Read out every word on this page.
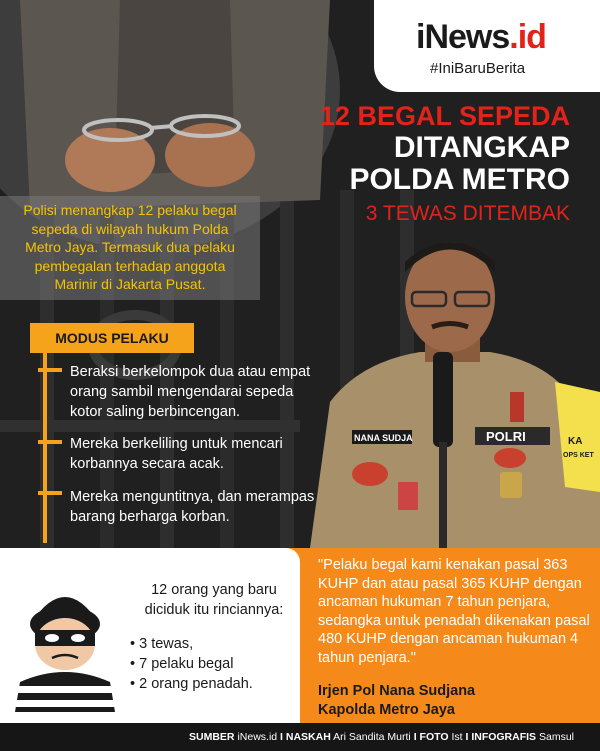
iNews.id
#IniBaruBerita
12 BEGAL SEPEDA
DITANGKAP
POLDA METRO
3 TEWAS DITEMBAK
Polisi menangkap 12 pelaku begal sepeda di wilayah hukum Polda Metro Jaya. Termasuk dua pelaku pembegalan terhadap anggota Marinir di Jakarta Pusat.
MODUS PELAKU
Beraksi berkelompok dua atau empat orang sambil mengendarai sepeda kotor saling berbincengan.
Mereka berkeliling untuk mencari korbannya secara acak.
Mereka menguntitnya, dan merampas barang berharga korban.
KA
OPS KET
NANA SUDJA	POLRI
12 orang yang baru diciduk itu rinciannya:
• 3 tewas,
• 7 pelaku begal
• 2 orang penadah.
"Pelaku begal kami kenakan pasal 363 KUHP dan atau pasal 365 KUHP dengan ancaman hukuman 7 tahun penjara, sedangka untuk penadah dikenakan pasal 480 KUHP dengan ancaman hukuman 4 tahun penjara."
Irjen Pol Nana Sudjana
Kapolda Metro Jaya
SUMBER iNews.id I NASKAH Ari Sandita Murti I FOTO Ist I INFOGRAFIS Samsul
